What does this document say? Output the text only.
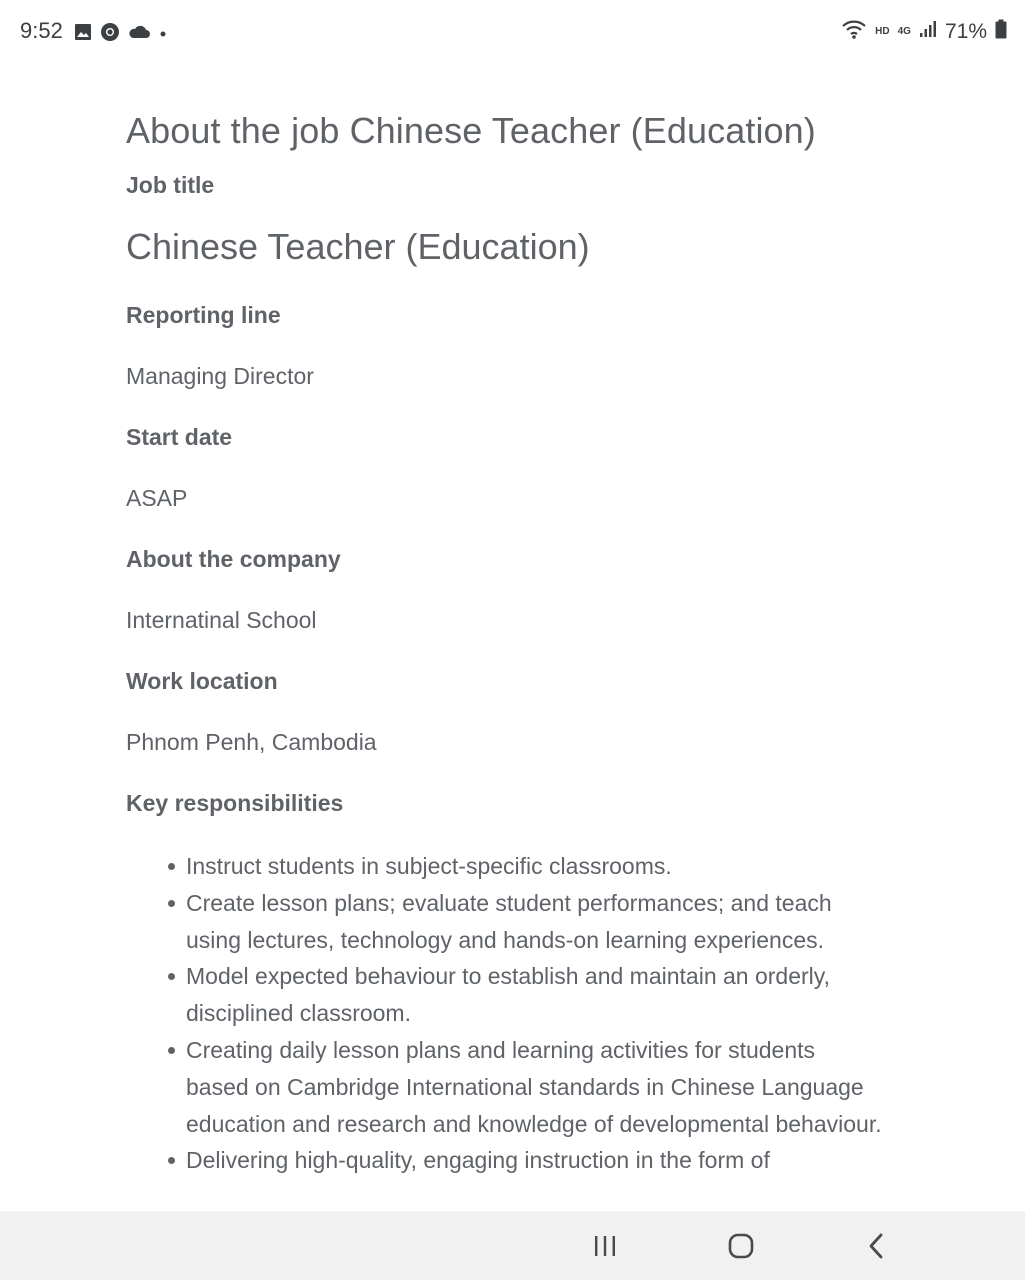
9:52	HD 4G 71%
About the job Chinese Teacher (Education)
Job title
Chinese Teacher (Education)
Reporting line
Managing Director
Start date
ASAP
About the company
Internatinal School
Work location
Phnom Penh, Cambodia
Key responsibilities
Instruct students in subject-specific classrooms.
Create lesson plans; evaluate student performances; and teach using lectures, technology and hands-on learning experiences.
Model expected behaviour to establish and maintain an orderly, disciplined classroom.
Creating daily lesson plans and learning activities for students based on Cambridge International standards in Chinese Language education and research and knowledge of developmental behaviour.
Delivering high-quality, engaging instruction in the form of
